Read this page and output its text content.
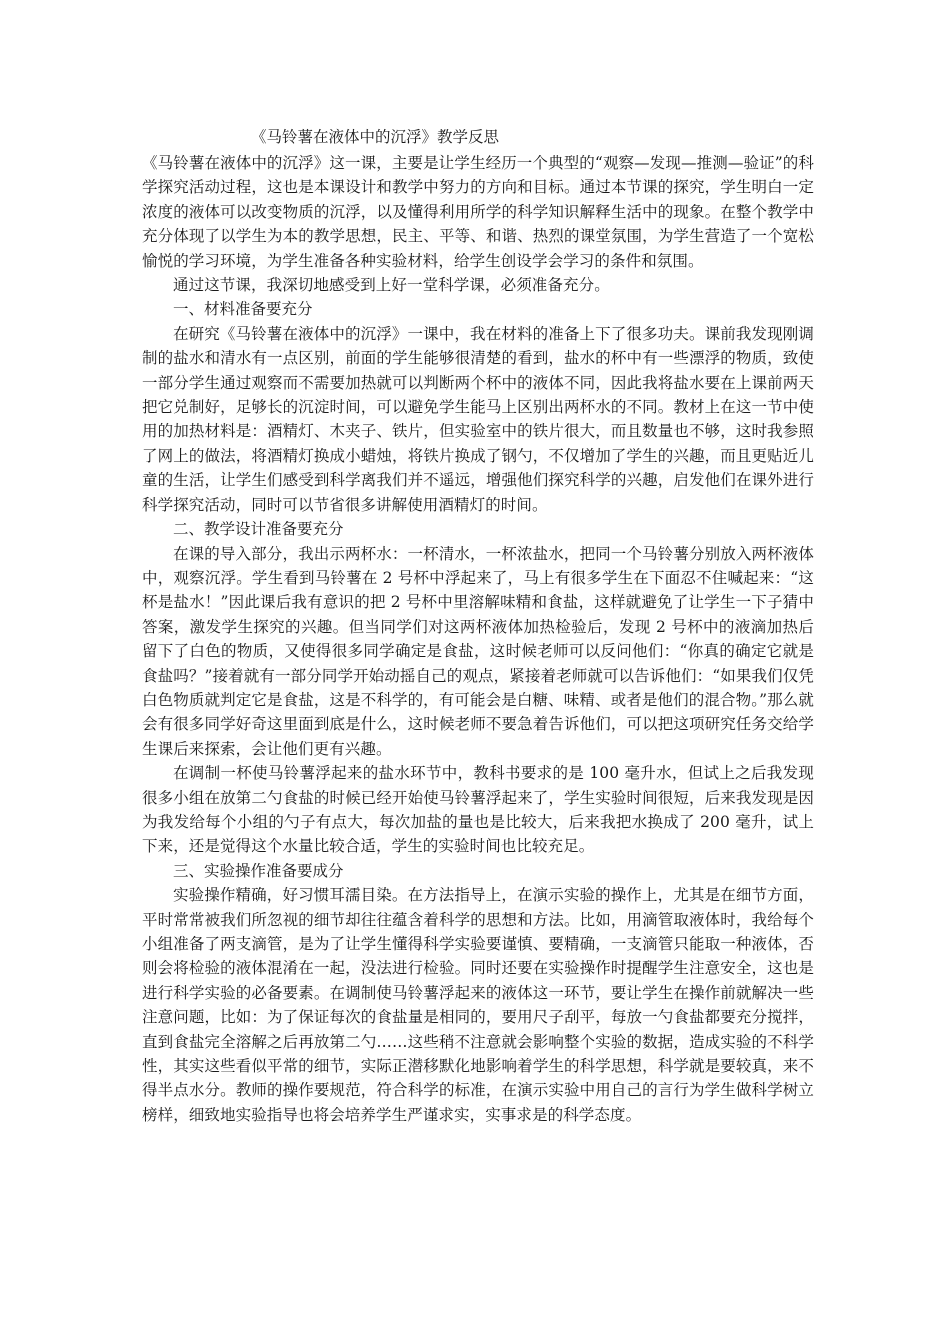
《马铃薯在液体中的沉浮》教学反思

《马铃薯在液体中的沉浮》这一课，主要是让学生经历一个典型的“观察—发现—推测—验证”的科学探究活动过程，这也是本课设计和教学中努力的方向和目标。通过本节课的探究，学生明白一定浓度的液体可以改变物质的沉浮，以及懂得利用所学的科学知识解释生活中的现象。在整个教学中充分体现了以学生为本的教学思想，民主、平等、和谐、热烈的课堂氛围，为学生营造了一个宽松愉悦的学习环境，为学生准备各种实验材料，给学生创设学会学习的条件和氛围。

通过这节课，我深切地感受到上好一堂科学课，必须准备充分。

一、材料准备要充分

在研究《马铃薯在液体中的沉浮》一课中，我在材料的准备上下了很多功夫。课前我发现刚调制的盐水和清水有一点区别，前面的学生能够很清楚的看到，盐水的杯中有一些漂浮的物质，致使一部分学生通过观察而不需要加热就可以判断两个杯中的液体不同，因此我将盐水要在上课前两天把它兑制好，足够长的沉淀时间，可以避免学生能马上区别出两杯水的不同。教材上在这一节中使用的加热材料是：酒精灯、木夹子、铁片，但实验室中的铁片很大，而且数量也不够，这时我参照了网上的做法，将酒精灯换成小蜡烛，将铁片换成了钢勺，不仅增加了学生的兴趣，而且更贴近儿童的生活，让学生们感受到科学离我们并不遥远，增强他们探究科学的兴趣，启发他们在课外进行科学探究活动，同时可以节省很多讲解使用酒精灯的时间。

二、教学设计准备要充分

在课的导入部分，我出示两杯水：一杯清水，一杯浓盐水，把同一个马铃薯分别放入两杯液体中，观察沉浮。学生看到马铃薯在 2 号杯中浮起来了，马上有很多学生在下面忍不住喊起来：“这杯是盐水！”因此课后我有意识的把 2 号杯中里溶解味精和食盐，这样就避免了让学生一下子猜中答案，激发学生探究的兴趣。但当同学们对这两杯液体加热检验后，发现 2 号杯中的液滴加热后留下了白色的物质，又使得很多同学确定是食盐，这时候老师可以反问他们：“你真的确定它就是食盐吗？”接着就有一部分同学开始动摇自己的观点，紧接着老师就可以告诉他们：“如果我们仅凭白色物质就判定它是食盐，这是不科学的，有可能会是白糖、味精、或者是他们的混合物。”那么就会有很多同学好奇这里面到底是什么，这时候老师不要急着告诉他们，可以把这项研究任务交给学生课后来探索，会让他们更有兴趣。

在调制一杯使马铃薯浮起来的盐水环节中，教科书要求的是 100 毫升水，但试上之后我发现很多小组在放第二勺食盐的时候已经开始使马铃薯浮起来了，学生实验时间很短，后来我发现是因为我发给每个小组的勺子有点大，每次加盐的量也是比较大，后来我把水换成了 200 毫升，试上下来，还是觉得这个水量比较合适，学生的实验时间也比较充足。

三、实验操作准备要成分

实验操作精确，好习惯耳濡目染。在方法指导上，在演示实验的操作上，尤其是在细节方面，平时常常被我们所忽视的细节却往往蕴含着科学的思想和方法。比如，用滴管取液体时，我给每个小组准备了两支滴管，是为了让学生懂得科学实验要谨慎、要精确，一支滴管只能取一种液体，否则会将检验的液体混淆在一起，没法进行检验。同时还要在实验操作时提醒学生注意安全，这也是进行科学实验的必备要素。在调制使马铃薯浮起来的液体这一环节，要让学生在操作前就解决一些注意问题，比如：为了保证每次的食盐量是相同的，要用尺子刮平，每放一勺食盐都要充分搅拌，直到食盐完全溶解之后再放第二勺……这些稍不注意就会影响整个实验的数据，造成实验的不科学性，其实这些看似平常的细节，实际正潜移默化地影响着学生的科学思想，科学就是要较真，来不得半点水分。教师的操作要规范，符合科学的标准，在演示实验中用自己的言行为学生做科学树立榜样，细致地实验指导也将会培养学生严谨求实，实事求是的科学态度。
